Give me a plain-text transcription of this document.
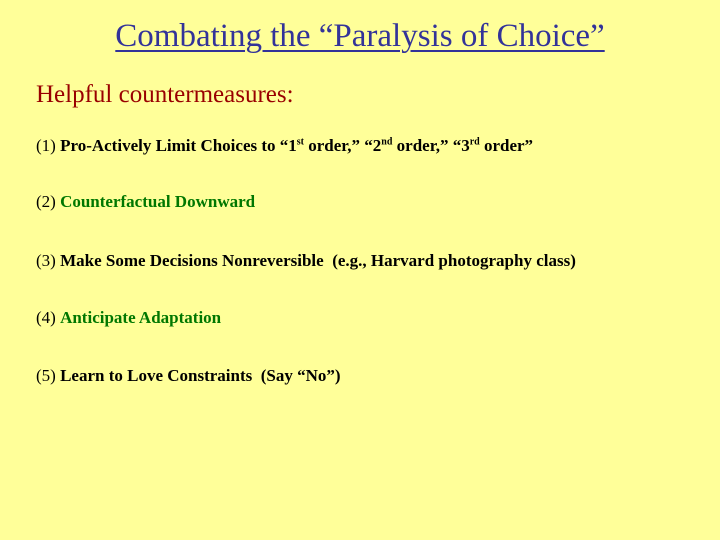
Combating the “Paralysis of Choice”
Helpful countermeasures:
(1) Pro-Actively Limit Choices to “1st order,” “2nd order,” “3rd order”
(2) Counterfactual Downward
(3) Make Some Decisions Nonreversible  (e.g., Harvard photography class)
(4) Anticipate Adaptation
(5) Learn to Love Constraints  (Say “No”)
